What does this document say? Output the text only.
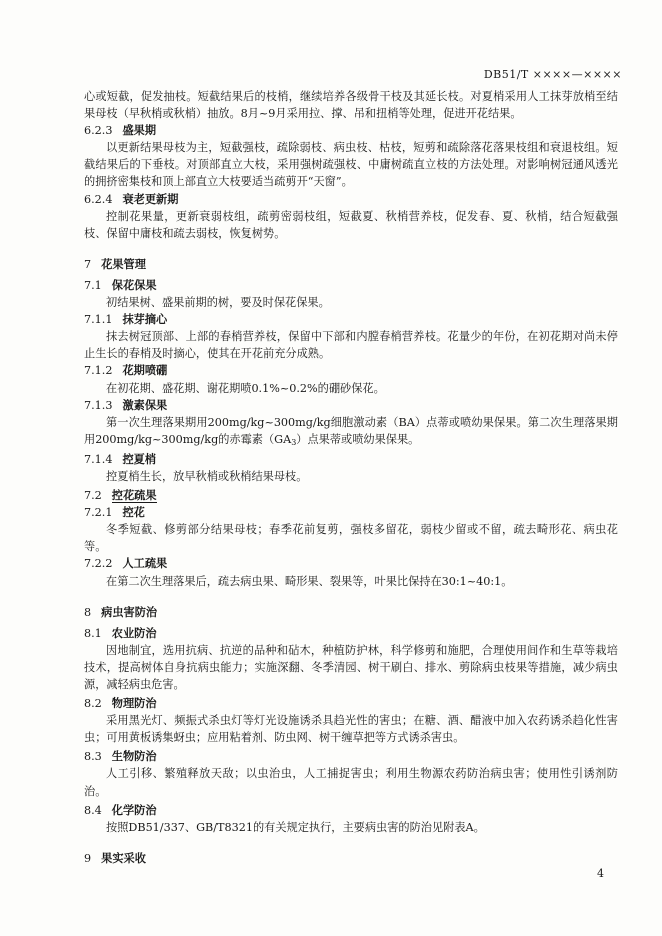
DB51/T ××××—××××

心或短截，促发抽枝。短截结果后的枝梢，继续培养各级骨干枝及其延长枝。对夏梢采用人工抹芽放梢至结果母枝（早秋梢或秋梢）抽放。8月~9月采用拉、撑、吊和扭梢等处理，促进开花结果。

6.2.3 盛果期

以更新结果母枝为主，短截强枝，疏除弱枝、病虫枝、枯枝，短剪和疏除落花落果枝组和衰退枝组。短截结果后的下垂枝。对顶部直立大枝，采用强树疏强枝、中庸树疏直立枝的方法处理。对影响树冠通风透光的拥挤密集枝和顶上部直立大枝要适当疏剪开“天窗”。

6.2.4 衰老更新期

控制花果量，更新衰弱枝组，疏剪密弱枝组，短截夏、秋梢营养枝，促发春、夏、秋梢，结合短截强枝、保留中庸枝和疏去弱枝，恢复树势。

7 花果管理

7.1 保花保果

初结果树、盛果前期的树，要及时保花保果。

7.1.1 抹芽摘心

抹去树冠顶部、上部的春梢营养枝，保留中下部和内膛春梢营养枝。花量少的年份，在初花期对尚未停止生长的春梢及时摘心，使其在开花前充分成熟。

7.1.2 花期喷硼

在初花期、盛花期、谢花期喷0.1%~0.2%的硼砂保花。

7.1.3 激素保果

第一次生理落果期用200mg/kg~300mg/kg细胞激动素（BA）点蒂或喷幼果保果。第二次生理落果期用200mg/kg~300mg/kg的赤霉素$(GA_3)$点果蒂或喷幼果保果。

7.1.4 控夏梢

控夏梢生长，放早秋梢或秋梢结果母枝。

7.2 控花疏果

7.2.1 控花

冬季短截、修剪部分结果母枝；春季花前复剪，强枝多留花，弱枝少留或不留，疏去畸形花、病虫花等。

7.2.2 人工疏果

在第二次生理落果后，疏去病虫果、畸形果、裂果等，叶果比保持在30:1~40:1。

8 病虫害防治

8.1 农业防治

因地制宜，选用抗病、抗逆的品种和砧木，种植防护林，科学修剪和施肥，合理使用间作和生草等栽培技术，提高树体自身抗病虫能力；实施深翻、冬季清园、树干刷白、排水、剪除病虫枝果等措施，减少病虫源，减轻病虫危害。

8.2 物理防治

采用黑光灯、频振式杀虫灯等灯光设施诱杀具趋光性的害虫；在糖、酒、醋液中加入农药诱杀趋化性害虫；可用黄板诱集蚜虫；应用粘着剂、防虫网、树干缠草把等方式诱杀害虫。

8.3 生物防治

人工引移、繁殖释放天敌；以虫治虫，人工捕捉害虫；利用生物源农药防治病虫害；使用性引诱剂防治。

8.4 化学防治

按照DB51/337、GB/T8321的有关规定执行，主要病虫害的防治见附表A。

9 果实采收

4
